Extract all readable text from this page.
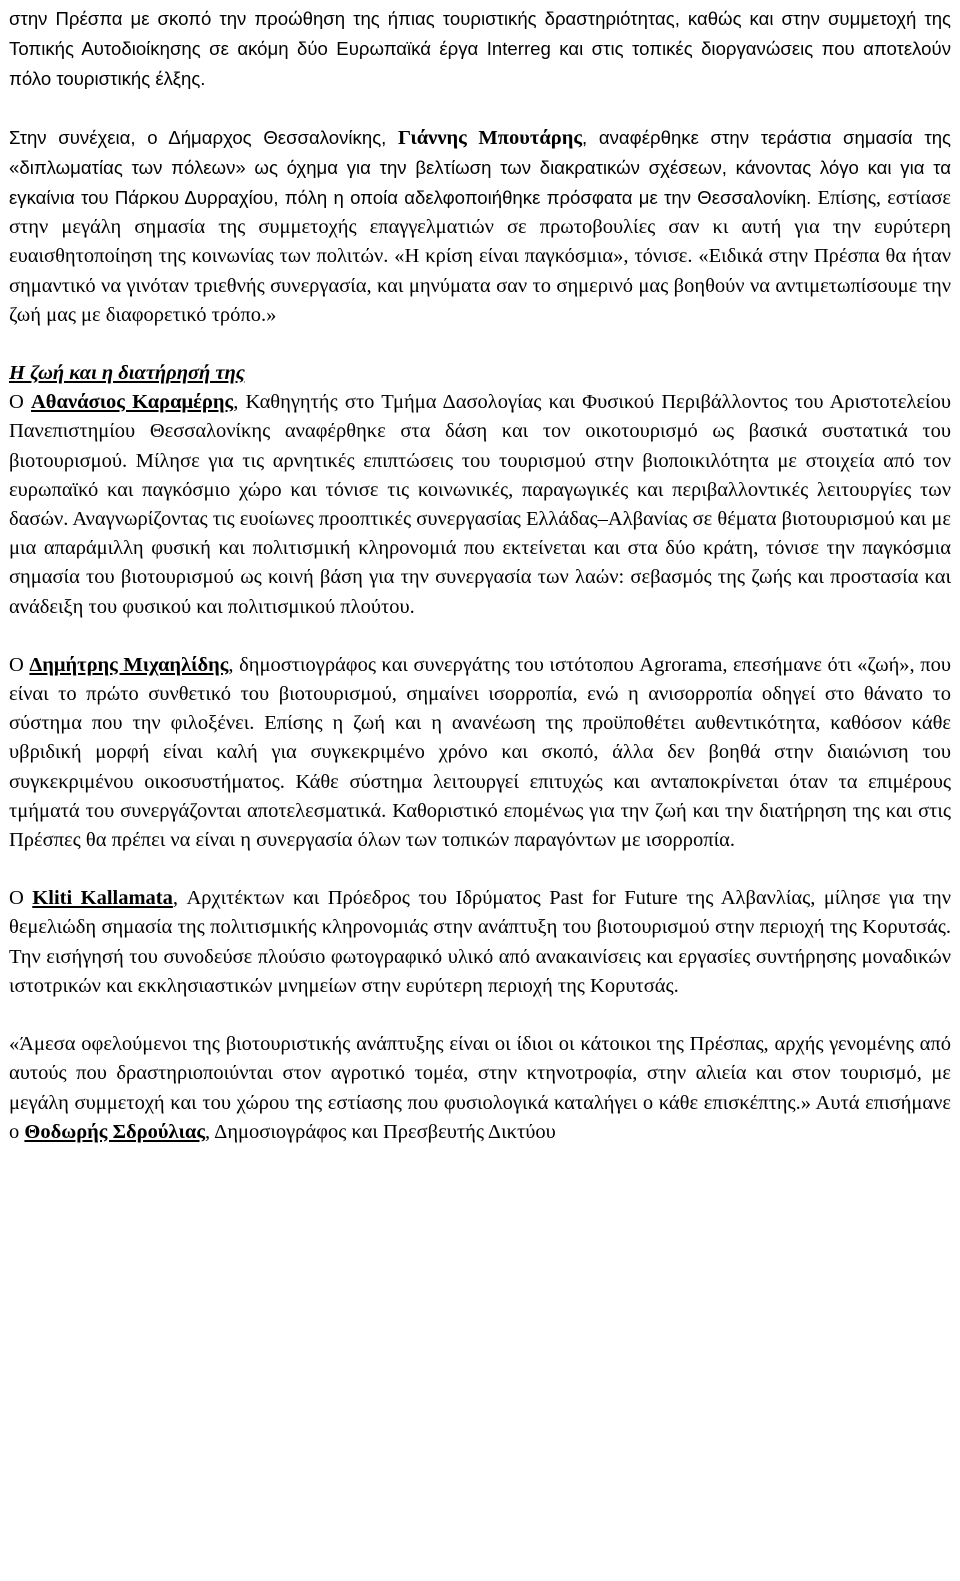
στην Πρέσπα με σκοπό την προώθηση της ήπιας τουριστικής δραστηριότητας, καθώς και στην συμμετοχή της Τοπικής Αυτοδιοίκησης σε ακόμη δύο Ευρωπαϊκά έργα Interreg και στις τοπικές διοργανώσεις που αποτελούν πόλο τουριστικής έλξης.

Στην συνέχεια, ο Δήμαρχος Θεσσαλονίκης, Γιάννης Μπουτάρης, αναφέρθηκε στην τεράστια σημασία της «διπλωματίας των πόλεων» ως όχημα για την βελτίωση των διακρατικών σχέσεων, κάνοντας λόγο και για τα εγκαίνια του Πάρκου Δυρραχίου, πόλη η οποία αδελφοποιήθηκε πρόσφατα με την Θεσσαλονίκη. Επίσης, εστίασε στην μεγάλη σημασία της συμμετοχής επαγγελματιών σε πρωτοβουλίες σαν κι αυτή για την ευρύτερη ευαισθητοποίηση της κοινωνίας των πολιτών. «Η κρίση είναι παγκόσμια», τόνισε. «Ειδικά στην Πρέσπα θα ήταν σημαντικό να γινόταν τριεθνής συνεργασία, και μηνύματα σαν το σημερινό μας βοηθούν να αντιμετωπίσουμε την ζωή μας με διαφορετικό τρόπο.»

Η ζωή και η διατήρησή της

Ο Αθανάσιος Καραμέρης, Καθηγητής στο Τμήμα Δασολογίας και Φυσικού Περιβάλλοντος του Αριστοτελείου Πανεπιστημίου Θεσσαλονίκης αναφέρθηκε στα δάση και τον οικοτουρισμό ως βασικά συστατικά του βιοτουρισμού. Μίλησε για τις αρνητικές επιπτώσεις του τουρισμού στην βιοποικιλότητα με στοιχεία από τον ευρωπαϊκό και παγκόσμιο χώρο και τόνισε τις κοινωνικές, παραγωγικές και περιβαλλοντικές λειτουργίες των δασών. Αναγνωρίζοντας τις ευοίωνες προοπτικές συνεργασίας Ελλάδας–Αλβανίας σε θέματα βιοτουρισμού και με μια απαράμιλλη φυσική και πολιτισμική κληρονομιά που εκτείνεται και στα δύο κράτη, τόνισε την παγκόσμια σημασία του βιοτουρισμού ως κοινή βάση για την συνεργασία των λαών: σεβασμός της ζωής και προστασία και ανάδειξη του φυσικού και πολιτισμικού πλούτου.

Ο Δημήτρης Μιχαηλίδης, δημοστιογράφος και συνεργάτης του ιστότοπου Agrorama, επεσήμανε ότι «ζωή», που είναι το πρώτο συνθετικό του βιοτουρισμού, σημαίνει ισορροπία, ενώ η ανισορροπία οδηγεί στο θάνατο το σύστημα που την φιλοξένει. Επίσης η ζωή και η ανανέωση της προϋποθέτει αυθεντικότητα, καθόσον κάθε υβριδική μορφή είναι καλή για συγκεκριμένο χρόνο και σκοπό, άλλα δεν βοηθά στην διαιώνιση του συγκεκριμένου οικοσυστήματος. Κάθε σύστημα λειτουργεί επιτυχώς και ανταποκρίνεται όταν τα επιμέρους τμήματά του συνεργάζονται αποτελεσματικά. Καθοριστικό επομένως για την ζωή και την διατήρηση της και στις Πρέσπες θα πρέπει να είναι η συνεργασία όλων των τοπικών παραγόντων με ισορροπία.

Ο Kliti Kallamata, Αρχιτέκτων και Πρόεδρος του Ιδρύματος Past for Future της Αλβανλίας, μίλησε για την θεμελιώδη σημασία της πολιτισμικής κληρονομιάς στην ανάπτυξη του βιοτουρισμού στην περιοχή της Κορυτσάς. Την εισήγησή του συνοδεύσε πλούσιο φωτογραφικό υλικό από ανακαινίσεις και εργασίες συντήρησης μοναδικών ιστοτρικών και εκκλησιαστικών μνημείων στην ευρύτερη περιοχή της Κορυτσάς.

«Άμεσα οφελούμενοι της βιοτουριστικής ανάπτυξης είναι οι ίδιοι οι κάτοικοι της Πρέσπας, αρχής γενομένης από αυτούς που δραστηριοποιύνται στον αγροτικό τομέα, στην κτηνοτροφία, στην αλιεία και στον τουρισμό, με μεγάλη συμμετοχή και του χώρου της εστίασης που φυσιολογικά καταλήγει ο κάθε επισκέπτης.» Αυτά επισήμανε ο Θοδωρής Σδρούλιας, Δημοσιογράφος και Πρεσβευτής Δικτύου
